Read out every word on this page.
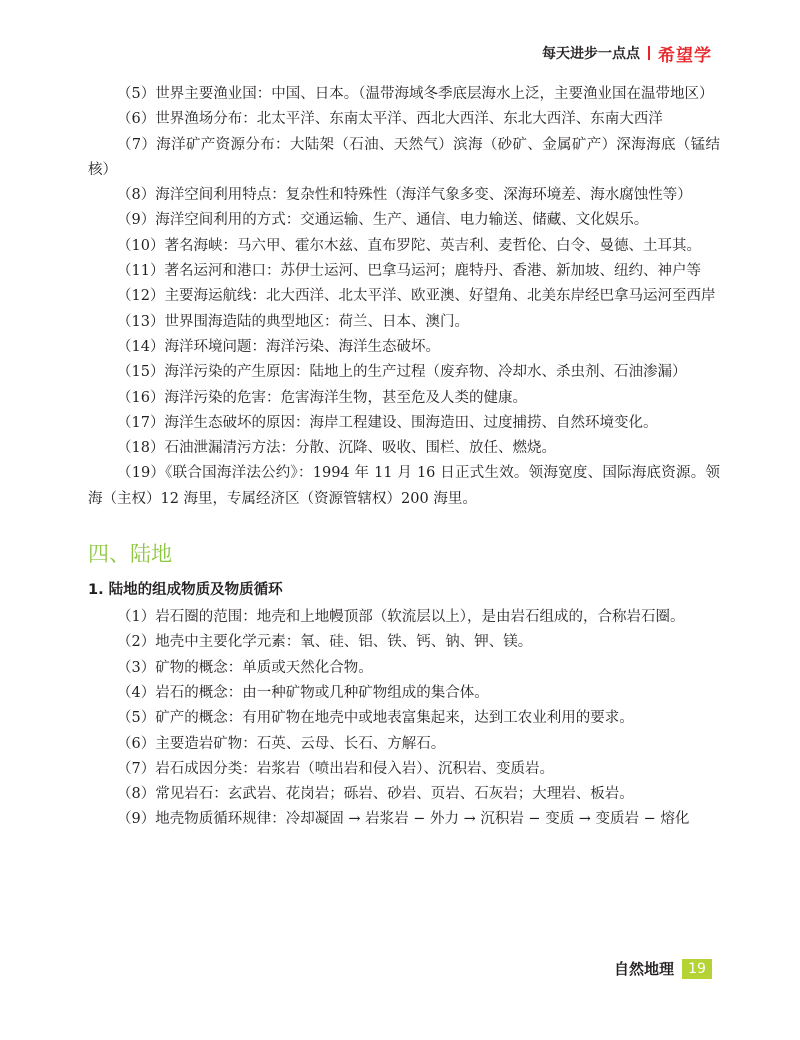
每天进步一点点 希望学

（5）世界主要渔业国：中国、日本。（温带海域冬季底层海水上泛，主要渔业国在温带地区）

（6）世界渔场分布：北太平洋、东南太平洋、西北大西洋、东北大西洋、东南大西洋

（7）海洋矿产资源分布：大陆架（石油、天然气）滨海（砂矿、金属矿产）深海海底（锰结核）

（8）海洋空间利用特点：复杂性和特殊性（海洋气象多变、深海环境差、海水腐蚀性等）

（9）海洋空间利用的方式：交通运输、生产、通信、电力输送、储藏、文化娱乐。

（10）著名海峡：马六甲、霍尔木兹、直布罗陀、英吉利、麦哲伦、白令、曼德、土耳其。

（11）著名运河和港口：苏伊士运河、巴拿马运河；鹿特丹、香港、新加坡、纽约、神户等

（12）主要海运航线：北大西洋、北太平洋、欧亚澳、好望角、北美东岸经巴拿马运河至西岸

（13）世界围海造陆的典型地区：荷兰、日本、澳门。

（14）海洋环境问题：海洋污染、海洋生态破坏。

（15）海洋污染的产生原因：陆地上的生产过程（废弃物、冷却水、杀虫剂、石油渗漏）

（16）海洋污染的危害：危害海洋生物，甚至危及人类的健康。

（17）海洋生态破坏的原因：海岸工程建设、围海造田、过度捕捞、自然环境变化。

（18）石油泄漏清污方法：分散、沉降、吸收、围栏、放任、燃烧。

（19）《联合国海洋法公约》：1994 年 11 月 16 日正式生效。领海宽度、国际海底资源。领海（主权）12 海里，专属经济区（资源管辖权）200 海里。

四、陆地
1. 陆地的组成物质及物质循环

（1）岩石圈的范围：地壳和上地幔顶部（软流层以上），是由岩石组成的，合称岩石圈。

（2）地壳中主要化学元素：氧、硅、铝、铁、钙、钠、钾、镁。

（3）矿物的概念：单质或天然化合物。

（4）岩石的概念：由一种矿物或几种矿物组成的集合体。

（5）矿产的概念：有用矿物在地壳中或地表富集起来，达到工农业利用的要求。

（6）主要造岩矿物：石英、云母、长石、方解石。

（7）岩石成因分类：岩浆岩（喷出岩和侵入岩）、沉积岩、变质岩。

（8）常见岩石：玄武岩、花岗岩；砾岩、砂岩、页岩、石灰岩；大理岩、板岩。

（9）地壳物质循环规律：冷却凝固 → 岩浆岩 − 外力 → 沉积岩 − 变质 → 变质岩 − 熔化

自然地理	19
